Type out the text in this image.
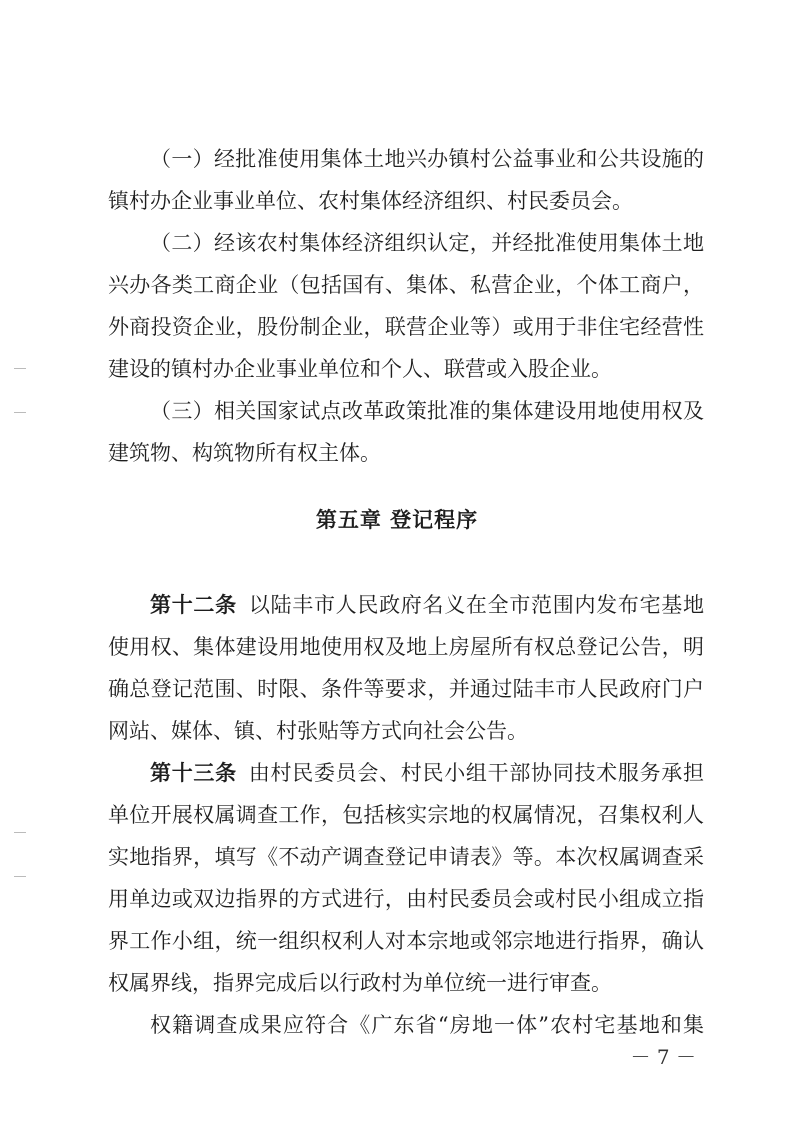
（一）经批准使用集体土地兴办镇村公益事业和公共设施的
镇村办企业事业单位、农村集体经济组织、村民委员会。
（二）经该农村集体经济组织认定，并经批准使用集体土地
兴办各类工商企业（包括国有、集体、私营企业，个体工商户，
外商投资企业，股份制企业，联营企业等）或用于非住宅经营性
建设的镇村办企业事业单位和个人、联营或入股企业。
（三）相关国家试点改革政策批准的集体建设用地使用权及
建筑物、构筑物所有权主体。
第五章 登记程序
第十二条 以陆丰市人民政府名义在全市范围内发布宅基地
使用权、集体建设用地使用权及地上房屋所有权总登记公告，明
确总登记范围、时限、条件等要求，并通过陆丰市人民政府门户
网站、媒体、镇、村张贴等方式向社会公告。
第十三条 由村民委员会、村民小组干部协同技术服务承担
单位开展权属调查工作，包括核实宗地的权属情况，召集权利人
实地指界，填写《不动产调查登记申请表》等。本次权属调查采
用单边或双边指界的方式进行，由村民委员会或村民小组成立指
界工作小组，统一组织权利人对本宗地或邻宗地进行指界，确认
权属界线，指界完成后以行政村为单位统一进行审查。
权籍调查成果应符合《广东省“房地一体”农村宅基地和集
－ 7 －
